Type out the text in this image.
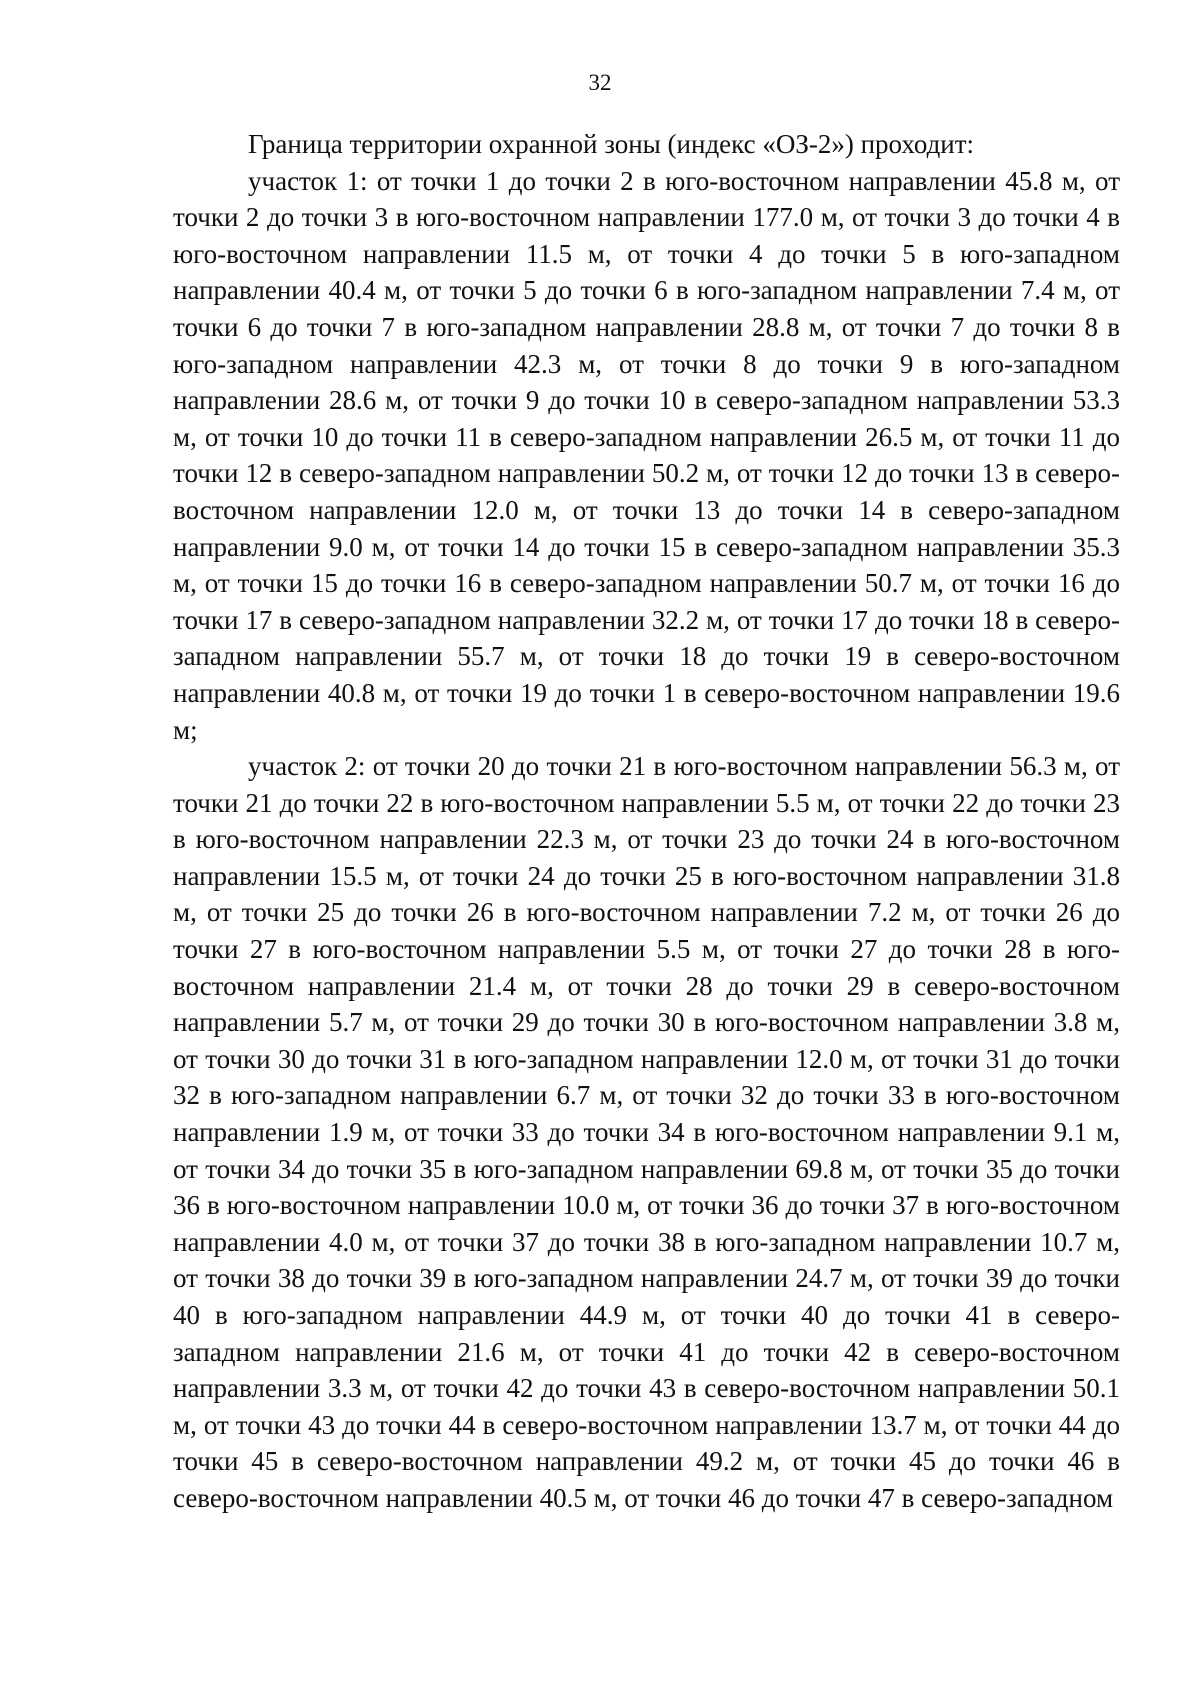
32

Граница территории охранной зоны (индекс «ОЗ-2») проходит:

участок 1: от точки 1 до точки 2 в юго-восточном направлении 45.8 м, от точки 2 до точки 3 в юго-восточном направлении 177.0 м, от точки 3 до точки 4 в юго-восточном направлении 11.5 м, от точки 4 до точки 5 в юго-западном направлении 40.4 м, от точки 5 до точки 6 в юго-западном направлении 7.4 м, от точки 6 до точки 7 в юго-западном направлении 28.8 м, от точки 7 до точки 8 в юго-западном направлении 42.3 м, от точки 8 до точки 9 в юго-западном направлении 28.6 м, от точки 9 до точки 10 в северо-западном направлении 53.3 м, от точки 10 до точки 11 в северо-западном направлении 26.5 м, от точки 11 до точки 12 в северо-западном направлении 50.2 м, от точки 12 до точки 13 в северо-восточном направлении 12.0 м, от точки 13 до точки 14 в северо-западном направлении 9.0 м, от точки 14 до точки 15 в северо-западном направлении 35.3 м, от точки 15 до точки 16 в северо-западном направлении 50.7 м, от точки 16 до точки 17 в северо-западном направлении 32.2 м, от точки 17 до точки 18 в северо-западном направлении 55.7 м, от точки 18 до точки 19 в северо-восточном направлении 40.8 м, от точки 19 до точки 1 в северо-восточном направлении 19.6 м;

участок 2: от точки 20 до точки 21 в юго-восточном направлении 56.3 м, от точки 21 до точки 22 в юго-восточном направлении 5.5 м, от точки 22 до точки 23 в юго-восточном направлении 22.3 м, от точки 23 до точки 24 в юго-восточном направлении 15.5 м, от точки 24 до точки 25 в юго-восточном направлении 31.8 м, от точки 25 до точки 26 в юго-восточном направлении 7.2 м, от точки 26 до точки 27 в юго-восточном направлении 5.5 м, от точки 27 до точки 28 в юго-восточном направлении 21.4 м, от точки 28 до точки 29 в северо-восточном направлении 5.7 м, от точки 29 до точки 30 в юго-восточном направлении 3.8 м, от точки 30 до точки 31 в юго-западном направлении 12.0 м, от точки 31 до точки 32 в юго-западном направлении 6.7 м, от точки 32 до точки 33 в юго-восточном направлении 1.9 м, от точки 33 до точки 34 в юго-восточном направлении 9.1 м, от точки 34 до точки 35 в юго-западном направлении 69.8 м, от точки 35 до точки 36 в юго-восточном направлении 10.0 м, от точки 36 до точки 37 в юго-восточном направлении 4.0 м, от точки 37 до точки 38 в юго-западном направлении 10.7 м, от точки 38 до точки 39 в юго-западном направлении 24.7 м, от точки 39 до точки 40 в юго-западном направлении 44.9 м, от точки 40 до точки 41 в северо-западном направлении 21.6 м, от точки 41 до точки 42 в северо-восточном направлении 3.3 м, от точки 42 до точки 43 в северо-восточном направлении 50.1 м, от точки 43 до точки 44 в северо-восточном направлении 13.7 м, от точки 44 до точки 45 в северо-восточном направлении 49.2 м, от точки 45 до точки 46 в северо-восточном направлении 40.5 м, от точки 46 до точки 47 в северо-западном
